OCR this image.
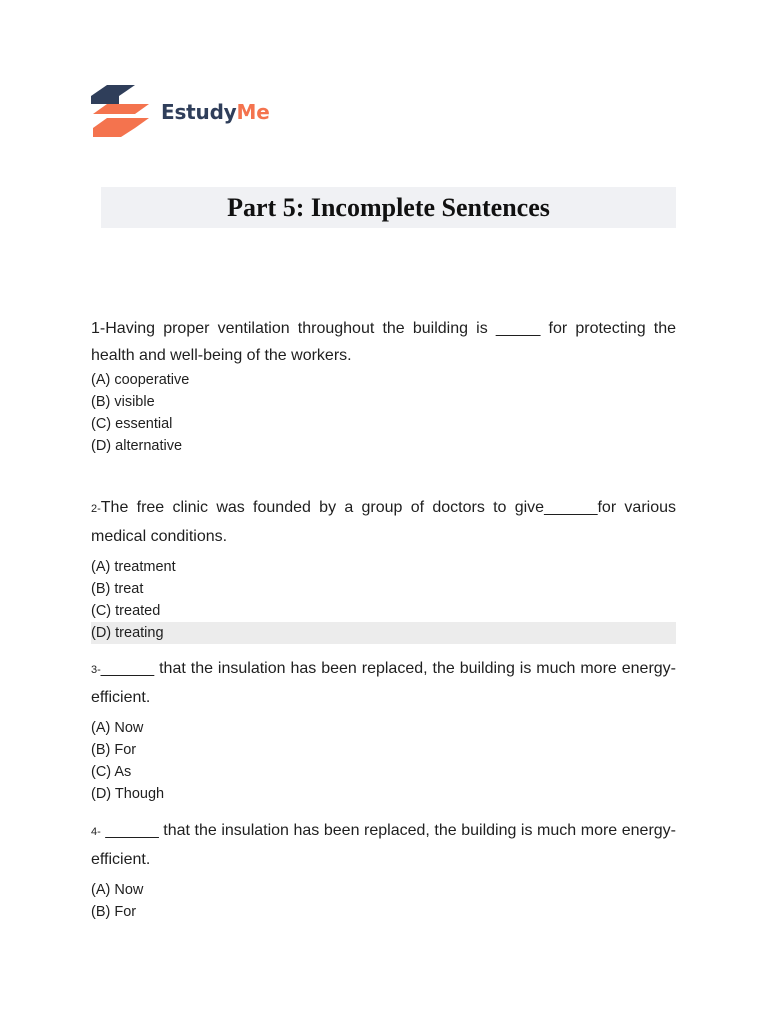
EstudyMe
Part 5: Incomplete Sentences

1-Having proper ventilation throughout the building is _____ for protecting the health and well-being of the workers.

(A) cooperative
(B) visible
(C) essential
(D) alternative

2-The free clinic was founded by a group of doctors to give______for various medical conditions.

(A) treatment
(B) treat
(C) treated
(D) treating

3-______ that the insulation has been replaced, the building is much more energy-efficient.

(A) Now
(B) For
(C) As
(D) Though

4- ______ that the insulation has been replaced, the building is much more energy-efficient.

(A) Now
(B) For
